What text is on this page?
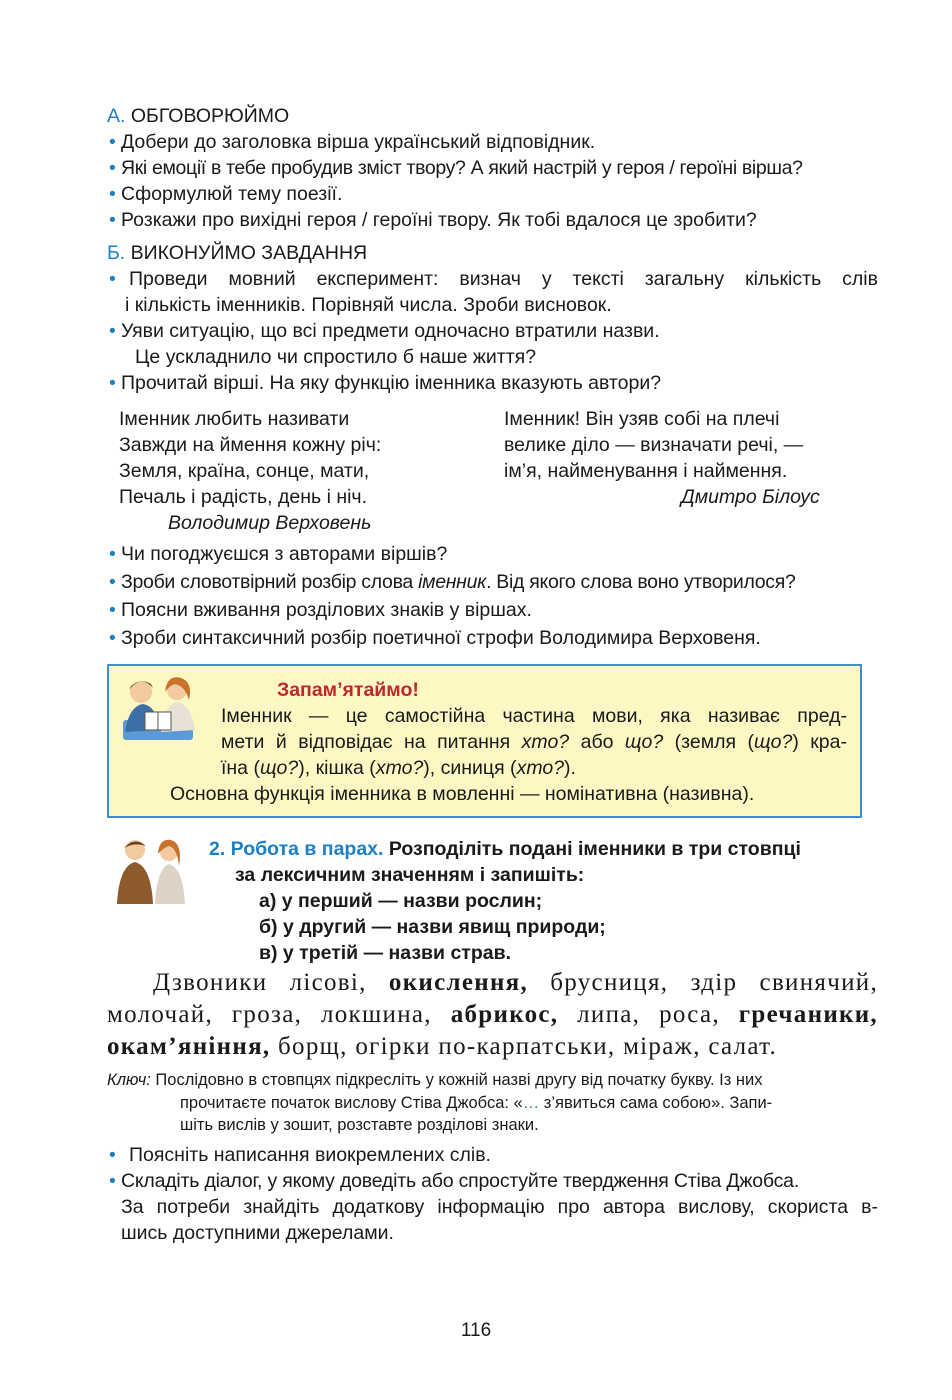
А. ОБГОВОРЮЙМО
• Добери до заголовка вірша український відповідник.
• Які емоції в тебе пробудив зміст твору? А який настрій у героя / героїні вірша?
• Сформулюй тему поезії.
• Розкажи про вихідні героя / героїні твору. Як тобі вдалося це зробити?
Б. ВИКОНУЙМО ЗАВДАННЯ
• Проведи мовний експеримент: визнач у тексті загальну кількість слів
і кількість іменників. Порівняй числа. Зроби висновок.
• Уяви ситуацію, що всі предмети одночасно втратили назви.
Це ускладнило чи спростило б наше життя?
• Прочитай вірші. На яку функцію іменника вказують автори?
Іменник любить називати
Завжди на ймення кожну річ:
Земля, країна, сонце, мати,
Печаль і радість, день і ніч.
Володимир Верховень
Іменник! Він узяв собі на плечі
велике діло — визначати речі, —
ім’я, найменування і наймення.
Дмитро Білоус
• Чи погоджуєшся з авторами віршів?
• Зроби словотвірний розбір слова іменник. Від якого слова воно утворилося?
• Поясни вживання розділових знаків у віршах.
• Зроби синтаксичний розбір поетичної строфи Володимира Верховеня.
Запам’ятаймо!
Іменник — це самостійна частина мови, яка називає пред-
мети й відповідає на питання хто? або що? (земля (що?) кра-
їна (що?), кішка (хто?), синиця (хто?).
Основна функція іменника в мовленні — номінативна (називна).
2. Робота в парах. Розподіліть подані іменники в три стовпці
за лексичним значенням і запишіть:
а) у перший — назви рослин;
б) у другий — назви явищ природи;
в) у третій — назви страв.
Дзвоники лісові, окислення, брусниця, здір свинячий,
молочай, гроза, локшина, абрикос, липа, роса, гречаники,
окам’яніння, борщ, огірки по-карпатськи, міраж, салат.
Ключ: Послідовно в стовпцях підкресліть у кожній назві другу від початку букву. Із них
прочитаєте початок вислову Стіва Джобса: «… з’явиться сама собою». Запи-
шіть вислів у зошит, розставте розділові знаки.
• Поясніть написання виокремлених слів.
• Складіть діалог, у якому доведіть або спростуйте твердження Стіва Джобса.
За потреби знайдіть додаткову інформацію про автора вислову, скориста в-
шись доступними джерелами.
116
